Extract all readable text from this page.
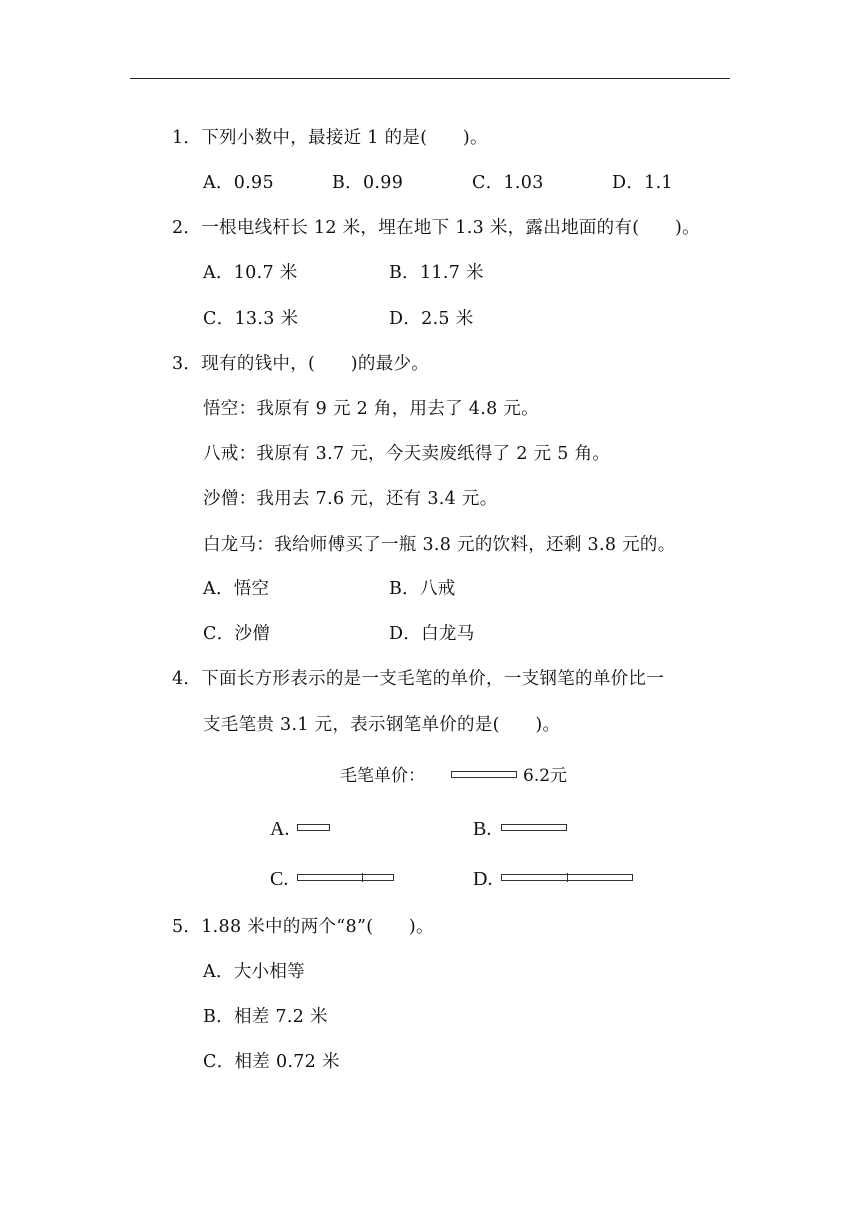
1．下列小数中，最接近 1 的是(　　)。
A．0.95	B．0.99	C．1.03	D．1.1
2．一根电线杆长 12 米，埋在地下 1.3 米，露出地面的有(　　)。
A．10.7 米	B．11.7 米
C．13.3 米	D．2.5 米
3．现有的钱中，(　　)的最少。
悟空：我原有 9 元 2 角，用去了 4.8 元。
八戒：我原有 3.7 元，今天卖废纸得了 2 元 5 角。
沙僧：我用去 7.6 元，还有 3.4 元。
白龙马：我给师傅买了一瓶 3.8 元的饮料，还剩 3.8 元的。
A．悟空	B．八戒
C．沙僧	D．白龙马
4．下面长方形表示的是一支毛笔的单价，一支钢笔的单价比一
支毛笔贵 3.1 元，表示钢笔单价的是(　　)。
毛笔单价：	6.2元
A.	B.
C.	D.
5．1.88 米中的两个“8”(　　)。
A．大小相等
B．相差 7.2 米
C．相差 0.72 米
